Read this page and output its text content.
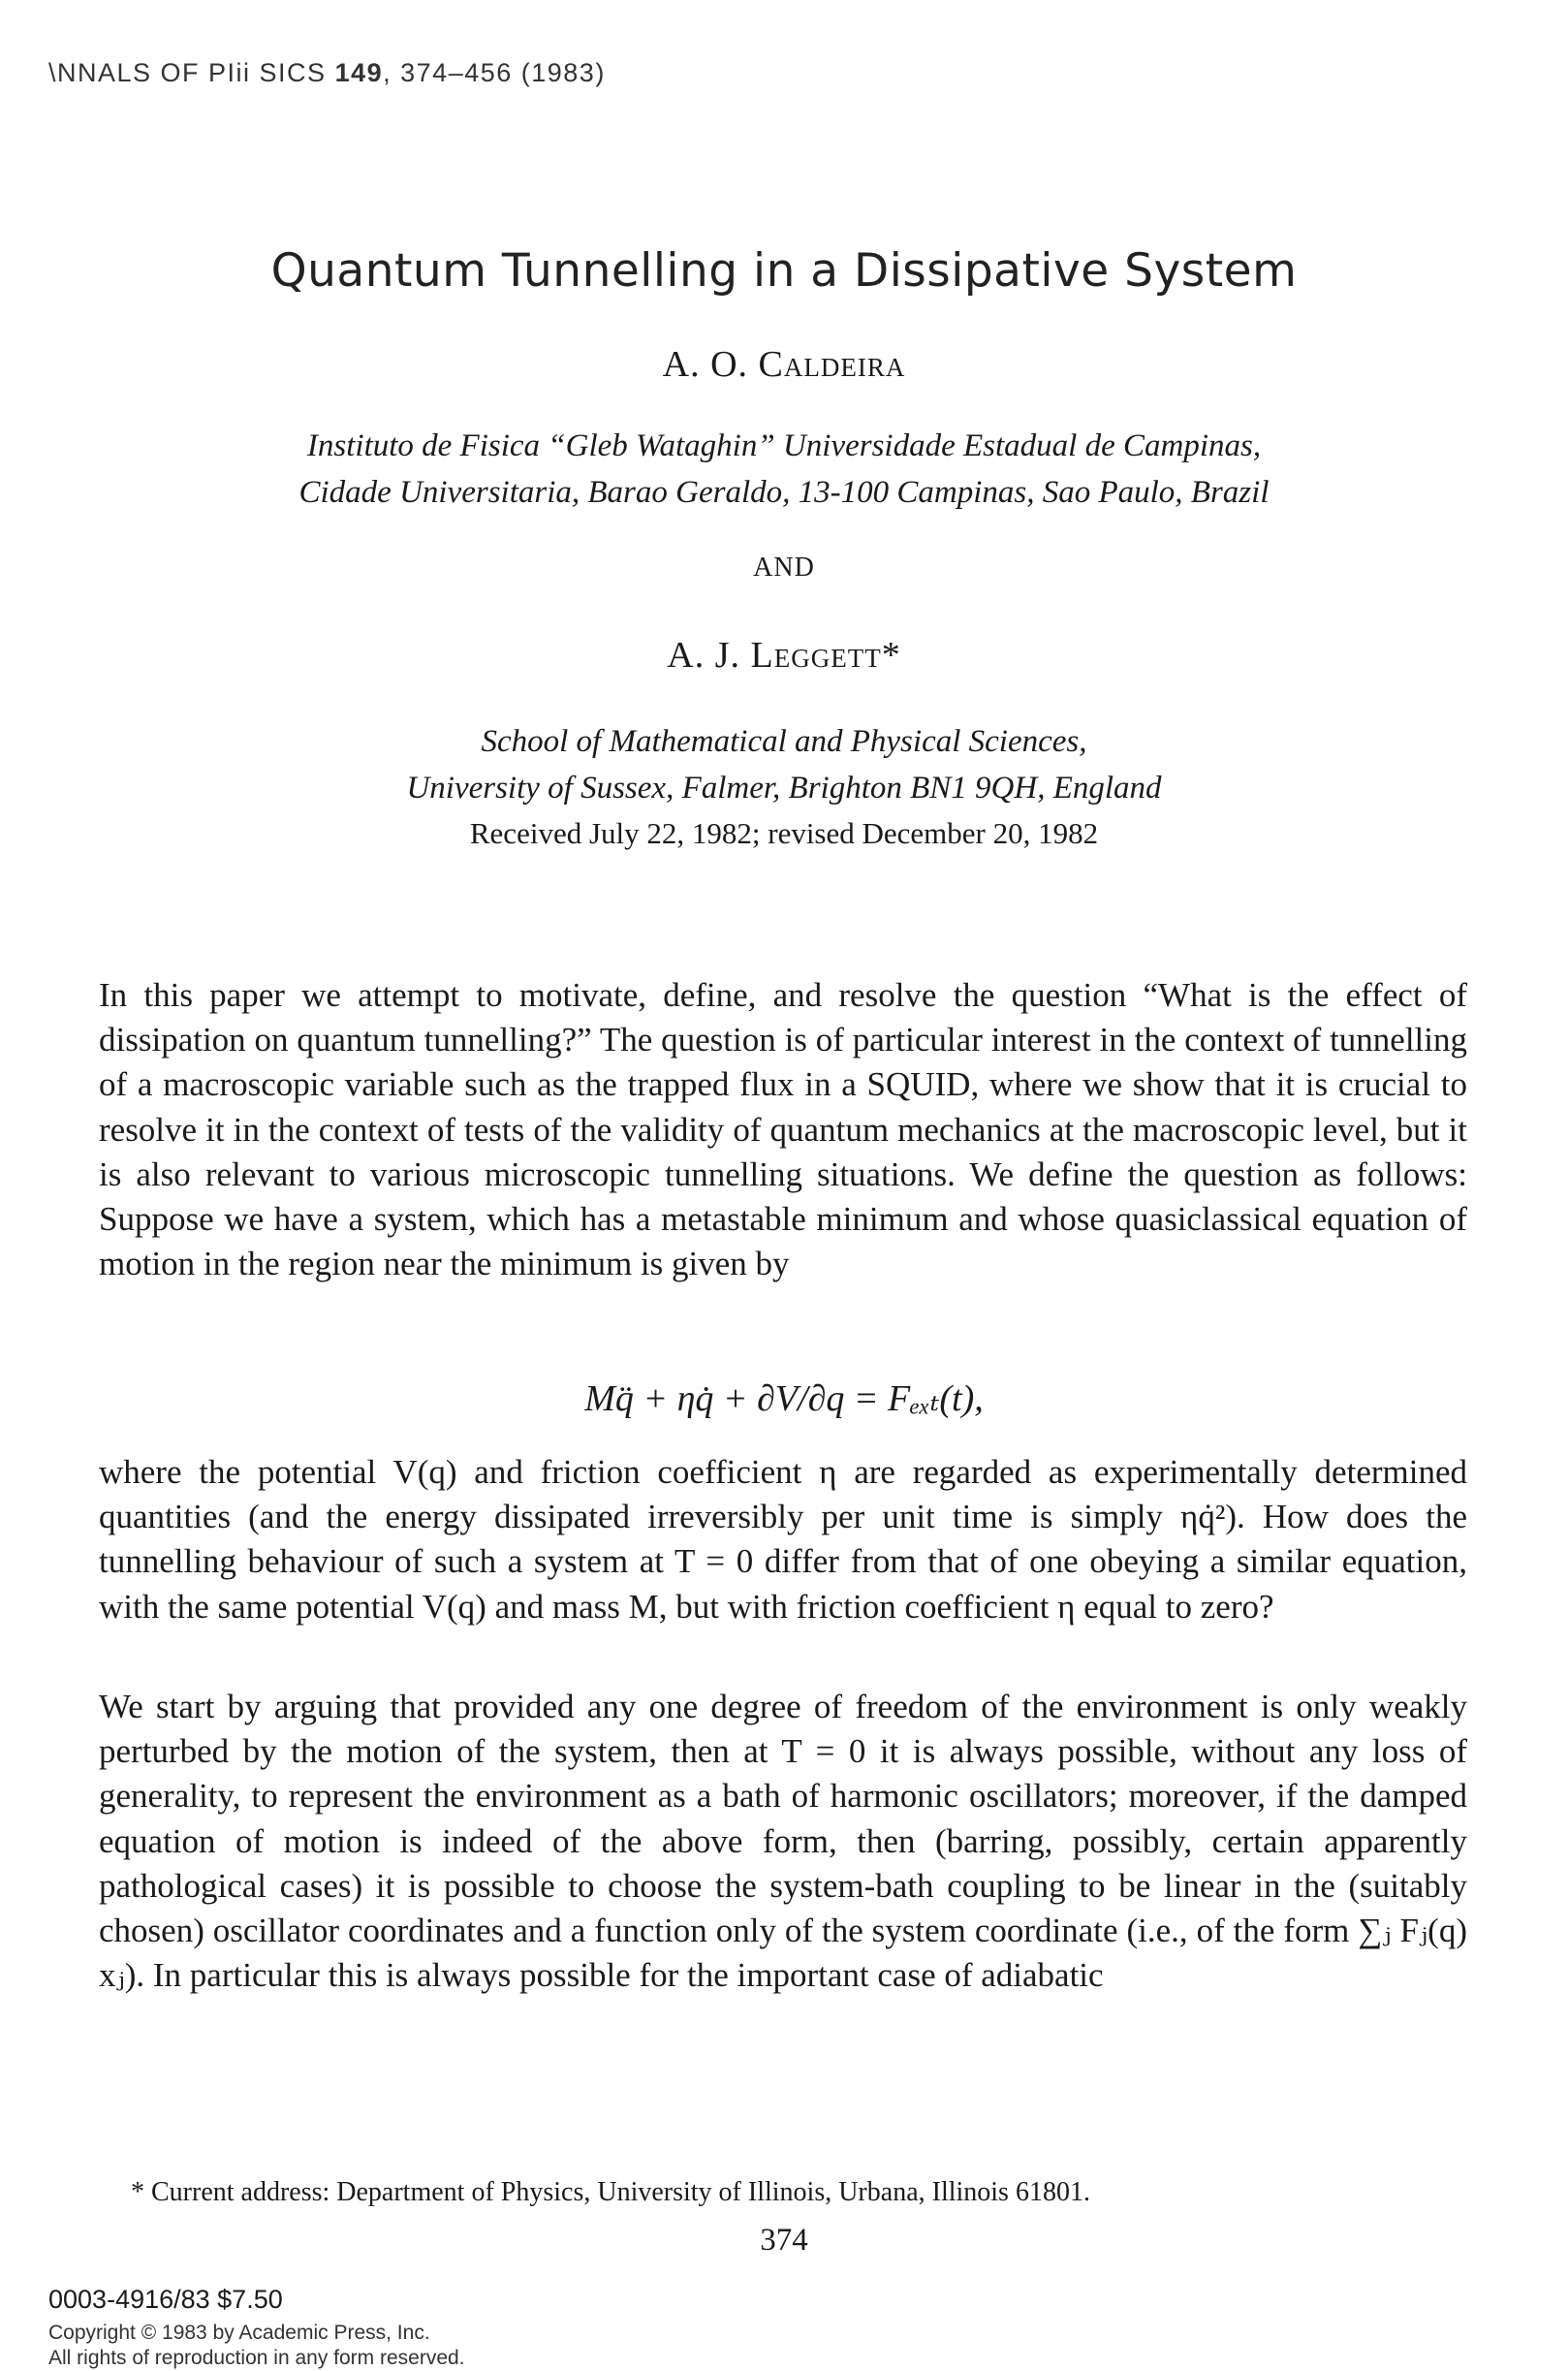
\NNALS OF РІіі SICS 149, 374–456 (1983)
Quantum Tunnelling in a Dissipative System
A. O. Caldeira
Instituto de Fisica “Gleb Wataghin” Universidade Estadual de Campinas,
Cidade Universitaria, Barao Geraldo, 13-100 Campinas, Sao Paulo, Brazil
AND
A. J. Leggett*
School of Mathematical and Physical Sciences,
University of Sussex, Falmer, Brighton BN1 9QH, England
Received July 22, 1982; revised December 20, 1982

In this paper we attempt to motivate, define, and resolve the question “What is the effect of dissipation on quantum tunnelling?” The question is of particular interest in the context of tunnelling of a macroscopic variable such as the trapped flux in a SQUID, where we show that it is crucial to resolve it in the context of tests of the validity of quantum mechanics at the macroscopic level, but it is also relevant to various microscopic tunnelling situations. We define the question as follows: Suppose we have a system, which has a metastable minimum and whose quasiclassical equation of motion in the region near the minimum is given by

Mq̈ + ηq̇ + ∂V/∂q = Fₑₓₜ(t),

where the potential V(q) and friction coefficient η are regarded as experimentally determined quantities (and the energy dissipated irreversibly per unit time is simply ηq̇²). How does the tunnelling behaviour of such a system at T = 0 differ from that of one obeying a similar equation, with the same potential V(q) and mass M, but with friction coefficient η equal to zero?

We start by arguing that provided any one degree of freedom of the environment is only weakly perturbed by the motion of the system, then at T = 0 it is always possible, without any loss of generality, to represent the environment as a bath of harmonic oscillators; moreover, if the damped equation of motion is indeed of the above form, then (barring, possibly, certain apparently pathological cases) it is possible to choose the system-bath coupling to be linear in the (suitably chosen) oscillator coordinates and a function only of the system coordinate (i.e., of the form ∑ⱼ Fⱼ(q) xⱼ). In particular this is always possible for the important case of adiabatic

* Current address: Department of Physics, University of Illinois, Urbana, Illinois 61801.
374
0003-4916/83 $7.50
Copyright © 1983 by Academic Press, Inc.
All rights of reproduction in any form reserved.
